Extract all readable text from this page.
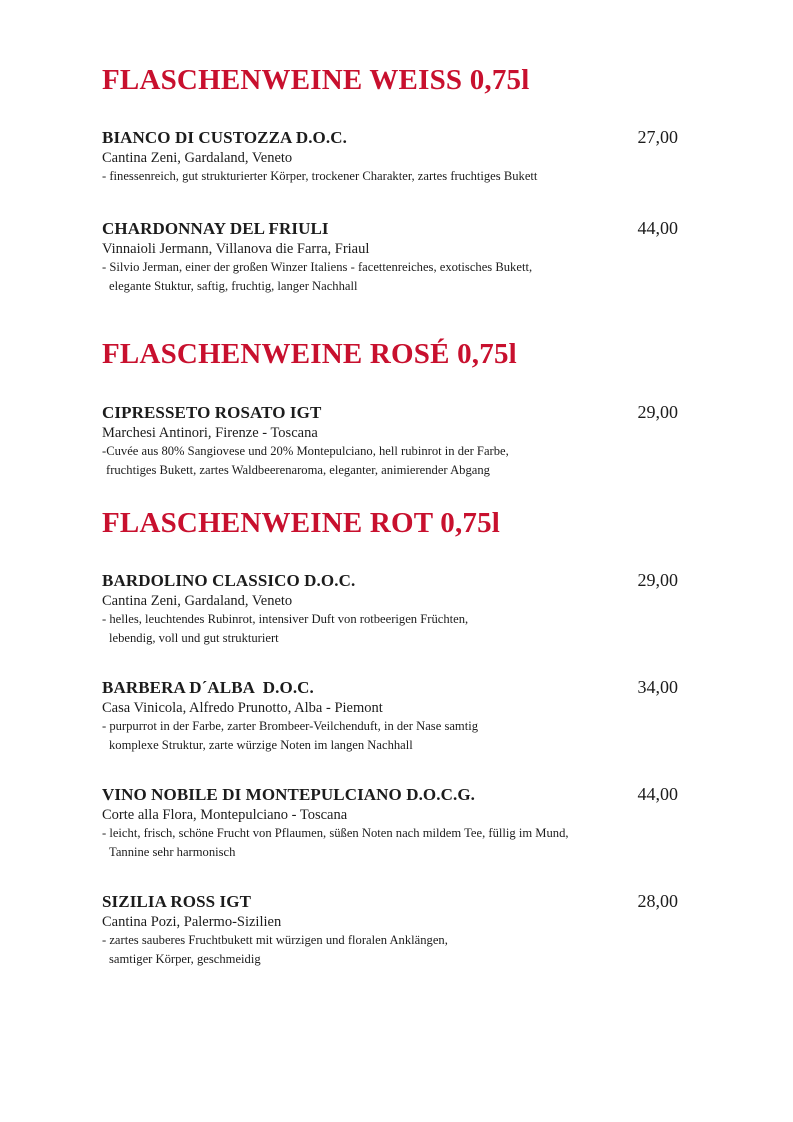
FLASCHENWEINE WEISS 0,75l
BIANCO DI CUSTOZZA D.O.C.	27,00
Cantina Zeni, Gardaland, Veneto
- finessenreich, gut strukturierter Körper, trockener Charakter, zartes fruchtiges Bukett
CHARDONNAY DEL FRIULI	44,00
Vinnaioli Jermann, Villanova die Farra, Friaul
- Silvio Jerman, einer der großen Winzer Italiens - facettenreiches, exotisches Bukett,
elegante Stuktur, saftig, fruchtig, langer Nachhall
FLASCHENWEINE ROSÉ 0,75l
CIPRESSETO ROSATO IGT	29,00
Marchesi Antinori, Firenze - Toscana
-Cuvée aus 80% Sangiovese und 20% Montepulciano, hell rubinrot in der Farbe,
fruchtiges Bukett, zartes Waldbeerenaroma, eleganter, animierender Abgang
FLASCHENWEINE ROT 0,75l
BARDOLINO CLASSICO D.O.C.	29,00
Cantina Zeni, Gardaland, Veneto
- helles, leuchtendes Rubinrot, intensiver Duft von rotbeerigen Früchten,
lebendig, voll und gut strukturiert
BARBERA D´ALBA  D.O.C.	34,00
Casa Vinicola, Alfredo Prunotto, Alba - Piemont
- purpurrot in der Farbe, zarter Brombeer-Veilchenduft, in der Nase samtig
komplexe Struktur, zarte würzige Noten im langen Nachhall
VINO NOBILE DI MONTEPULCIANO D.O.C.G.	44,00
Corte alla Flora, Montepulciano - Toscana
- leicht, frisch, schöne Frucht von Pflaumen, süßen Noten nach mildem Tee, füllig im Mund,
Tannine sehr harmonisch
SIZILIA ROSS IGT	28,00
Cantina Pozi, Palermo-Sizilien
- zartes sauberes Fruchtbukett mit würzigen und floralen Anklängen,
samtiger Körper, geschmeidig
